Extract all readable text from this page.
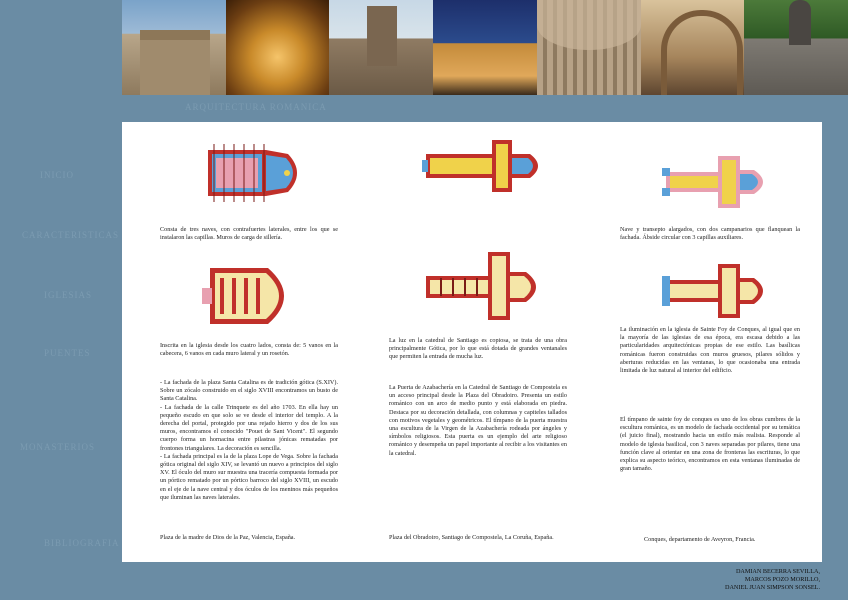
ARQUITECTURA ROMANICA
INICIO
CARACTERISTICAS
IGLESIAS
PUENTES
MONASTERIOS
BIBLIOGRAFIA
Consta de tres naves, con contrafuertes laterales, entre los que se instalaron las capillas. Muros de carga de sillería.
Inscrita en la iglesia desde los cuatro lados, consta de: 5 vanos en la cabecera, 6 vanos en cada muro lateral y un rosetón.

- La fachada de la plaza Santa Catalina es de tradición gótica (S.XIV). Sobre un zócalo construido en el siglo XVIII encontramos un busto de Santa Catalina.

- La fachada de la calle Trinquete es del año 1703. En ella hay un pequeño escudo en que solo se ve desde el interior del templo. A la derecha del portal, protegido por una rejado hierro y dos de los sus muros, encontramos el conocido "Pouet de Sant Vicent". El segundo cuerpo forma un hornacina entre pilastras jónicas rematadas por frontones triangulares. La decoración es sencilla.

- La fachada principal es la de la plaza Lope de Vega. Sobre la fachada gótica original del siglo XIV, se levantó un nuevo a principios del siglo XV. El óculo del muro sur muestra una tracería compuesta formada por un pórtico rematado por un pórtico barroco del siglo XVIII, un escudo en el eje de la nave central y dos óculos de los meninos más pequeños que iluminan las naves laterales.

Plaza de la madre de Dios de la Paz, Valencia, España.
La luz en la catedral de Santiago es copiosa, se trata de una obra principalmente Gótica, por lo que está dotada de grandes ventanales que permiten la entrada de mucha luz.
La Puerta de Azabachería en la Catedral de Santiago de Compostela es un acceso principal desde la Plaza del Obradoiro. Presenta un estilo románico con un arco de medio punto y está elaborada en piedra. Destaca por su decoración detallada, con columnas y capiteles tallados con motivos vegetales y geométricos. El tímpano de la puerta muestra una escultura de la Virgen de la Azabachería rodeada por ángeles y símbolos religiosos. Esta puerta es un ejemplo del arte religioso románico y desempeña un papel importante al recibir a los visitantes en la catedral.
Plaza del Obradoiro, Santiago de Compostela, La Coruña, España.
Nave y transepto alargados, con dos campanarios que flanquean la fachada. Ábside circular con 3 capillas auxiliares.
La iluminación en la iglesia de Sainte Foy de Conques, al igual que en la mayoría de las iglesias de esa época, era escasa debido a las particularidades arquitectónicas propias de ese estilo. Las basílicas románicas fueron construidas con muros gruesos, pilares sólidos y aberturas reducidas en las ventanas, lo que ocasionaba una entrada limitada de luz natural al interior del edificio.
El tímpano de sainte foy de conques es uno de los obras cumbres de la escultura románica, es un modelo de fachada occidental por su temática (el juicio final), mostrando hacia un estilo más realista. Responde al modelo de iglesia basilical, con 3 naves separadas por pilares, tiene una función clave al orientar en una zona de fronteras las escrituras, lo que explica su aspecto teórico, encontramos en esta ventanas iluminadas de gran tamaño.
Conques, departamento de Aveyron, Francia.
DAMIAN BECERRA SEVILLA,
MARCOS POZO MORILLO,
DANIEL JUAN SIMPSON SONSEL.
